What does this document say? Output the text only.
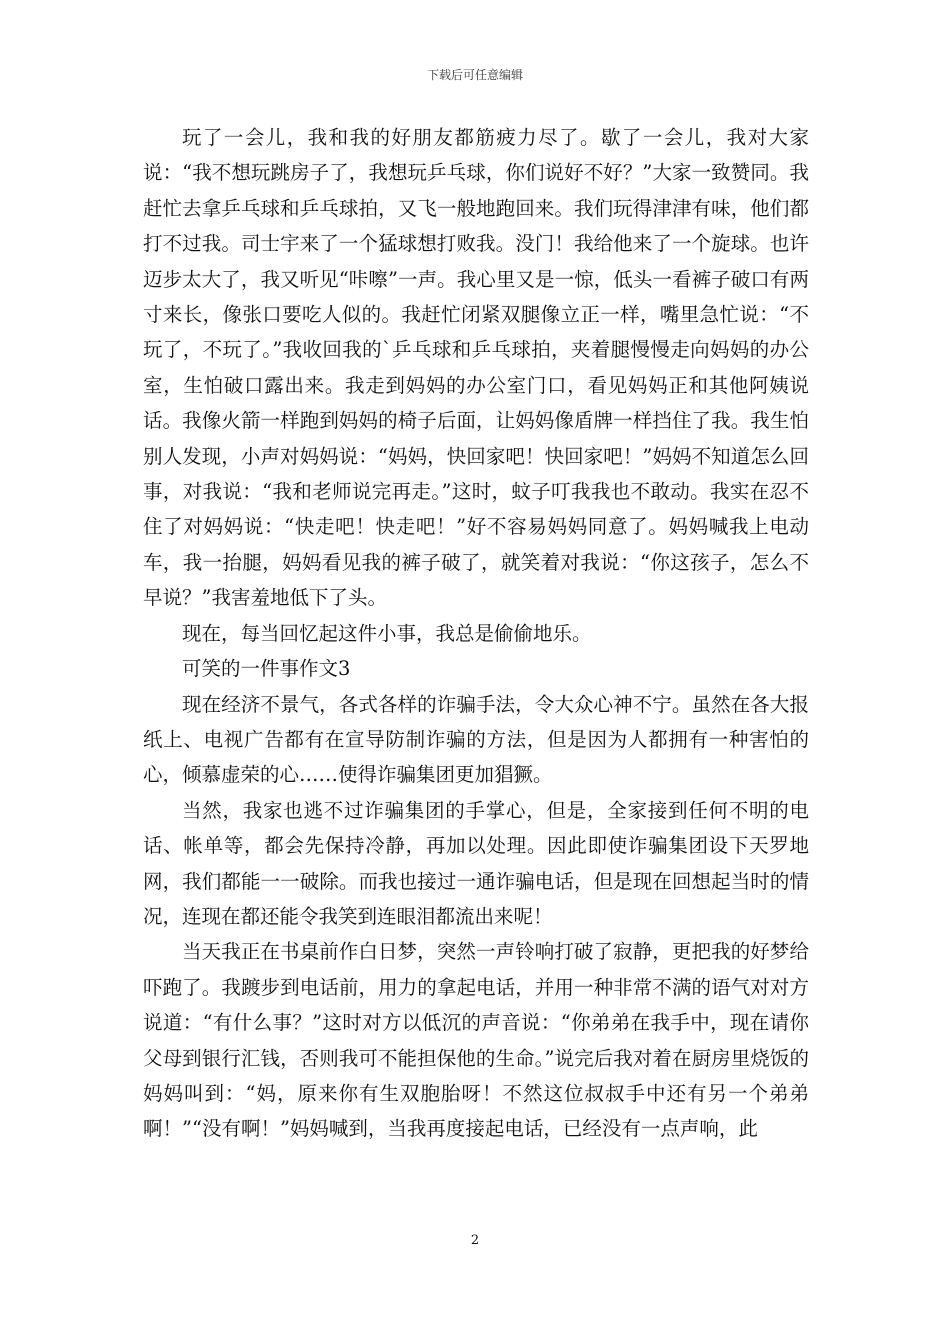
下载后可任意编辑

玩了一会儿，我和我的好朋友都筋疲力尽了。歇了一会儿，我对大家说：“我不想玩跳房子了，我想玩乒乓球，你们说好不好？”大家一致赞同。我赶忙去拿乒乓球和乒乓球拍，又飞一般地跑回来。我们玩得津津有味，他们都打不过我。司士宇来了一个猛球想打败我。没门！我给他来了一个旋球。也许迈步太大了，我又听见“咔嚓”一声。我心里又是一惊，低头一看裤子破口有两寸来长，像张口要吃人似的。我赶忙闭紧双腿像立正一样，嘴里急忙说：“不玩了，不玩了。”我收回我的`乒乓球和乒乓球拍，夹着腿慢慢走向妈妈的办公室，生怕破口露出来。我走到妈妈的办公室门口，看见妈妈正和其他阿姨说话。我像火箭一样跑到妈妈的椅子后面，让妈妈像盾牌一样挡住了我。我生怕别人发现，小声对妈妈说：“妈妈，快回家吧！快回家吧！”妈妈不知道怎么回事，对我说：“我和老师说完再走。”这时，蚊子叮我我也不敢动。我实在忍不住了对妈妈说：“快走吧！快走吧！”好不容易妈妈同意了。妈妈喊我上电动车，我一抬腿，妈妈看见我的裤子破了，就笑着对我说：“你这孩子，怎么不早说？”我害羞地低下了头。

现在，每当回忆起这件小事，我总是偷偷地乐。

可笑的一件事作文3

现在经济不景气，各式各样的诈骗手法，令大众心神不宁。虽然在各大报纸上、电视广告都有在宣导防制诈骗的方法，但是因为人都拥有一种害怕的心，倾慕虚荣的心……使得诈骗集团更加猖獗。

当然，我家也逃不过诈骗集团的手掌心，但是，全家接到任何不明的电话、帐单等，都会先保持冷静，再加以处理。因此即使诈骗集团设下天罗地网，我们都能一一破除。而我也接过一通诈骗电话，但是现在回想起当时的情况，连现在都还能令我笑到连眼泪都流出来呢！

当天我正在书桌前作白日梦，突然一声铃响打破了寂静，更把我的好梦给吓跑了。我踱步到电话前，用力的拿起电话，并用一种非常不满的语气对对方说道：“有什么事？”这时对方以低沉的声音说：“你弟弟在我手中，现在请你父母到银行汇钱，否则我可不能担保他的生命。”说完后我对着在厨房里烧饭的妈妈叫到：“妈，原来你有生双胞胎呀！不然这位叔叔手中还有另一个弟弟啊！”“没有啊！”妈妈喊到，当我再度接起电话，已经没有一点声响，此

2
